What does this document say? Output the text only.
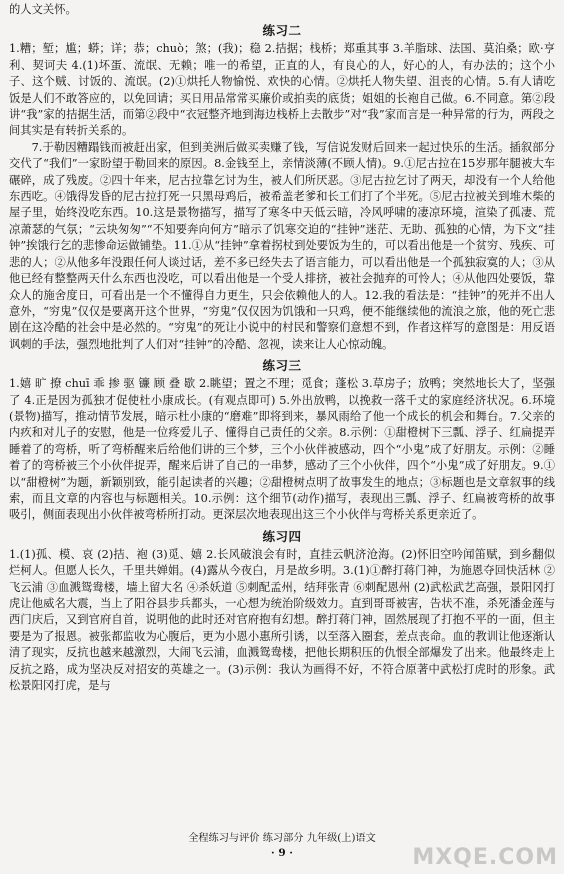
的人文关怀。

练习二

1.糟；堑；尴；蟒；详；恭；chuò；煞；(我)；稳 2.拮据；栈桥；郑重其事 3.羊脂球、法国、莫泊桑；欧·亨利、契诃夫 4.(1)坏蛋、流氓、无赖；唯一的希望，正直的人，有良心的人，好心的人，有办法的；这个小子、这个贼、讨饭的、流氓。(2)①烘托人物愉悦、欢快的心情。②烘托人物失望、沮丧的心情。5.有人请吃饭是人们不敢答应的，以免回请；买日用品常常买廉价或拍卖的底货；姐姐的长袍自己做。6.不同意。第②段讲“我”家的拮据生活，而第②段中“衣冠整齐地到海边栈桥上去散步”对“我”家而言是一种异常的行为，两段之间其实是有转折关系的。

7.于勒因糟蹋钱而被赶出家，但到美洲后做买卖赚了钱，写信说发财后回来一起过快乐的生活。插叙部分交代了“我们”一家盼望于勒回来的原因。8.金钱至上，亲情淡薄(不顾人情)。9.①尼古拉在15岁那年腿被大车碾碎，成了残废。②四十年来，尼古拉靠乞讨为生，被人们所厌恶。③尼古拉乞讨了两天，却没有一个人给他东西吃。④饿得发昏的尼古拉打死一只黑母鸡后，被希盖老爹和长工们打了个半死。⑤尼古拉被关到堆木柴的屋子里，始终没吃东西。10.这是景物描写，描写了寒冬中天低云暗，冷风呼啸的凄凉环境，渲染了孤凄、荒凉萧瑟的气氛；“云块匆匆”“不知要奔向何方”暗示了饥寒交迫的“挂钟”迷茫、无助、孤独的心情，为下文“挂钟”挨饿行乞的悲惨命运做铺垫。11.①从“挂钟”拿着拐杖到处要饭为生的，可以看出他是一个贫穷、残疾、可悲的人；②从他多年没跟任何人谈过话，差不多已经失去了语言能力，可以看出他是一个孤独寂寞的人；③从他已经有整整两天什么东西也没吃，可以看出他是一个受人排挤，被社会抛弃的可怜人；④从他四处要饭，靠众人的施舍度日，可看出是一个不懂得自力更生，只会依赖他人的人。12.我的看法是：“挂钟”的死并不出人意外，“穷鬼”仅仅是要离开这个世界，“穷鬼”仅仅因为饥饿和一只鸡，便不能继续他的流浪之旅，他的死亡悲剧在这冷酷的社会中是必然的。“穷鬼”的死让小说中的村民和警察们意想不到，作者这样写的意图是：用反语讽刺的手法，强烈地批判了人们对“挂钟”的冷酷、忽视，读来让人心惊动魄。

练习三

1.嬉 旷 撩 chuī 乖 掺 驱 镰 顾 叠 歇 2.眺望；置之不理；觅食；蓬松 3.草房子；放鸭；突然地长大了，坚强了 4.正是因为孤独才促使杜小康成长。(有观点即可) 5.外出放鸭，以挽救一落千丈的家庭经济状况。6.环境(景物)描写，推动情节发展，暗示杜小康的“磨难”即将到来，暴风雨给了他一个成长的机会和舞台。7.父亲的内疚和对儿子的安慰，他是一位疼爱儿子、懂得自己责任的父亲。8.示例：①甜橙树下三瓢、浮子、红扁提弄睡着了的弯桥，听了弯桥醒来后给他们讲的三个梦，三个小伙伴被感动，四个“小鬼”成了好朋友。示例：②睡着了的弯桥被三个小伙伴捉弄，醒来后讲了自己的一串梦，感动了三个小伙伴，四个“小鬼”成了好朋友。9.①以“甜橙树”为题，新颖别致，能引起读者的兴趣；②甜橙树点明了故事发生的地点；③标题也是文章叙事的线索，而且文章的内容也与标题相关。10.示例：这个细节(动作)描写，表现出三瓢、浮子、红扁被弯桥的故事吸引，侧面表现出小伙伴被弯桥所打动。更深层次地表现出这三个小伙伴与弯桥关系更亲近了。

练习四

1.(1)孤、模、哀 (2)拮、袍 (3)觅、嬉 2.长风破浪会有时，直挂云帆济沧海。(2)怀旧空吟闻笛赋，到乡翻似烂柯人。但愿人长久，千里共婵娟。(4)露从今夜白，月是故乡明。3.(1)①醉打蒋门神，为施恩夺回快活林 ②飞云浦 ③血溅鸳鸯楼，墙上留大名 ④杀妖道 ⑤刺配孟州，结拜张青 ⑥刺配恩州 (2)武松武艺高强，景阳冈打虎让他威名大震，当上了阳谷县步兵都头，一心想为统治阶级效力。直到哥哥被害，告状不准，杀死潘金莲与西门庆后，又到官府自首，说明他的此时还对官府抱有幻想。醉打蒋门神，固然展现了打抱不平的一面，但主要是为了报恩。被张都监收为心腹后，更为小恩小惠所引诱，以至落入圈套，差点丧命。血的教训让他逐渐认清了现实，反抗也越来越激烈，大闹飞云浦，血溅鸳鸯楼，把他长期积压的仇恨全部爆发了出来。他最终走上反抗之路，成为坚决反对招安的英雄之一。(3)示例：我认为画得不好，不符合原著中武松打虎时的形象。武松景阳冈打虎，是与

全程练习与评价 练习部分 九年级(上)语文
· 9 ·	MXQE.COM
